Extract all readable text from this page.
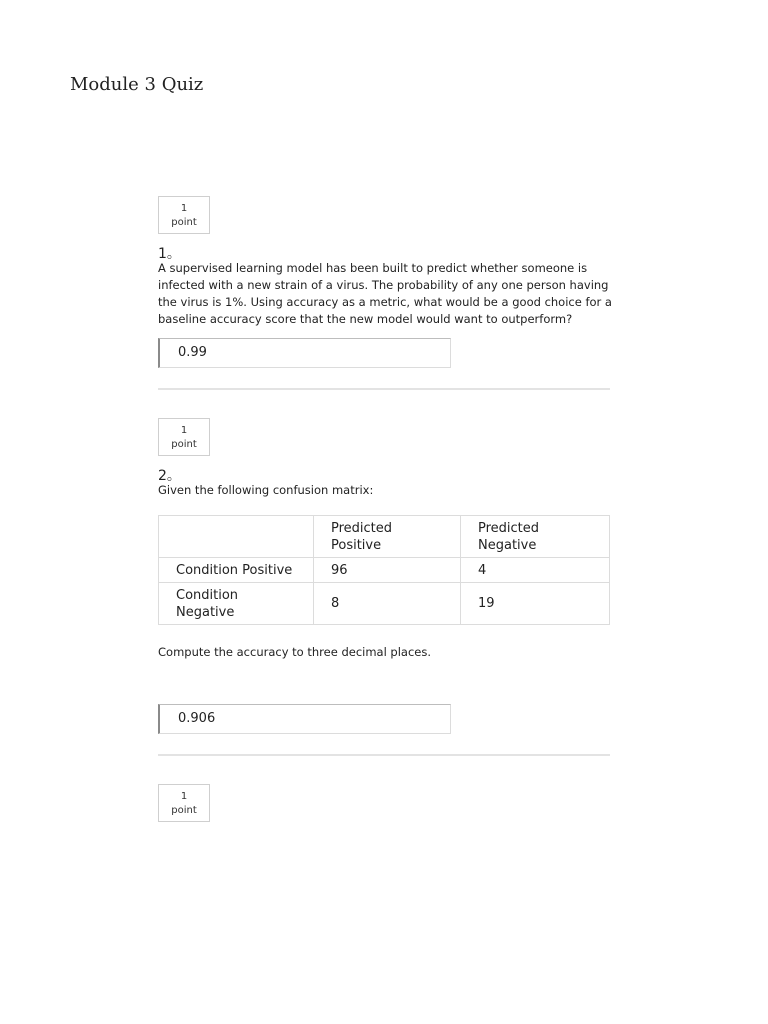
Module 3 Quiz
1
point
1。

A supervised learning model has been built to predict whether someone is infected with a new strain of a virus. The probability of any one person having the virus is 1%. Using accuracy as a metric, what would be a good choice for a baseline accuracy score that the new model would want to outperform?

0.99
1
point
2。

Given the following confusion matrix:

	Predicted Positive	Predicted Negative
Condition Positive	96	4
Condition Negative	8	19

Compute the accuracy to three decimal places.

0.906
1
point
